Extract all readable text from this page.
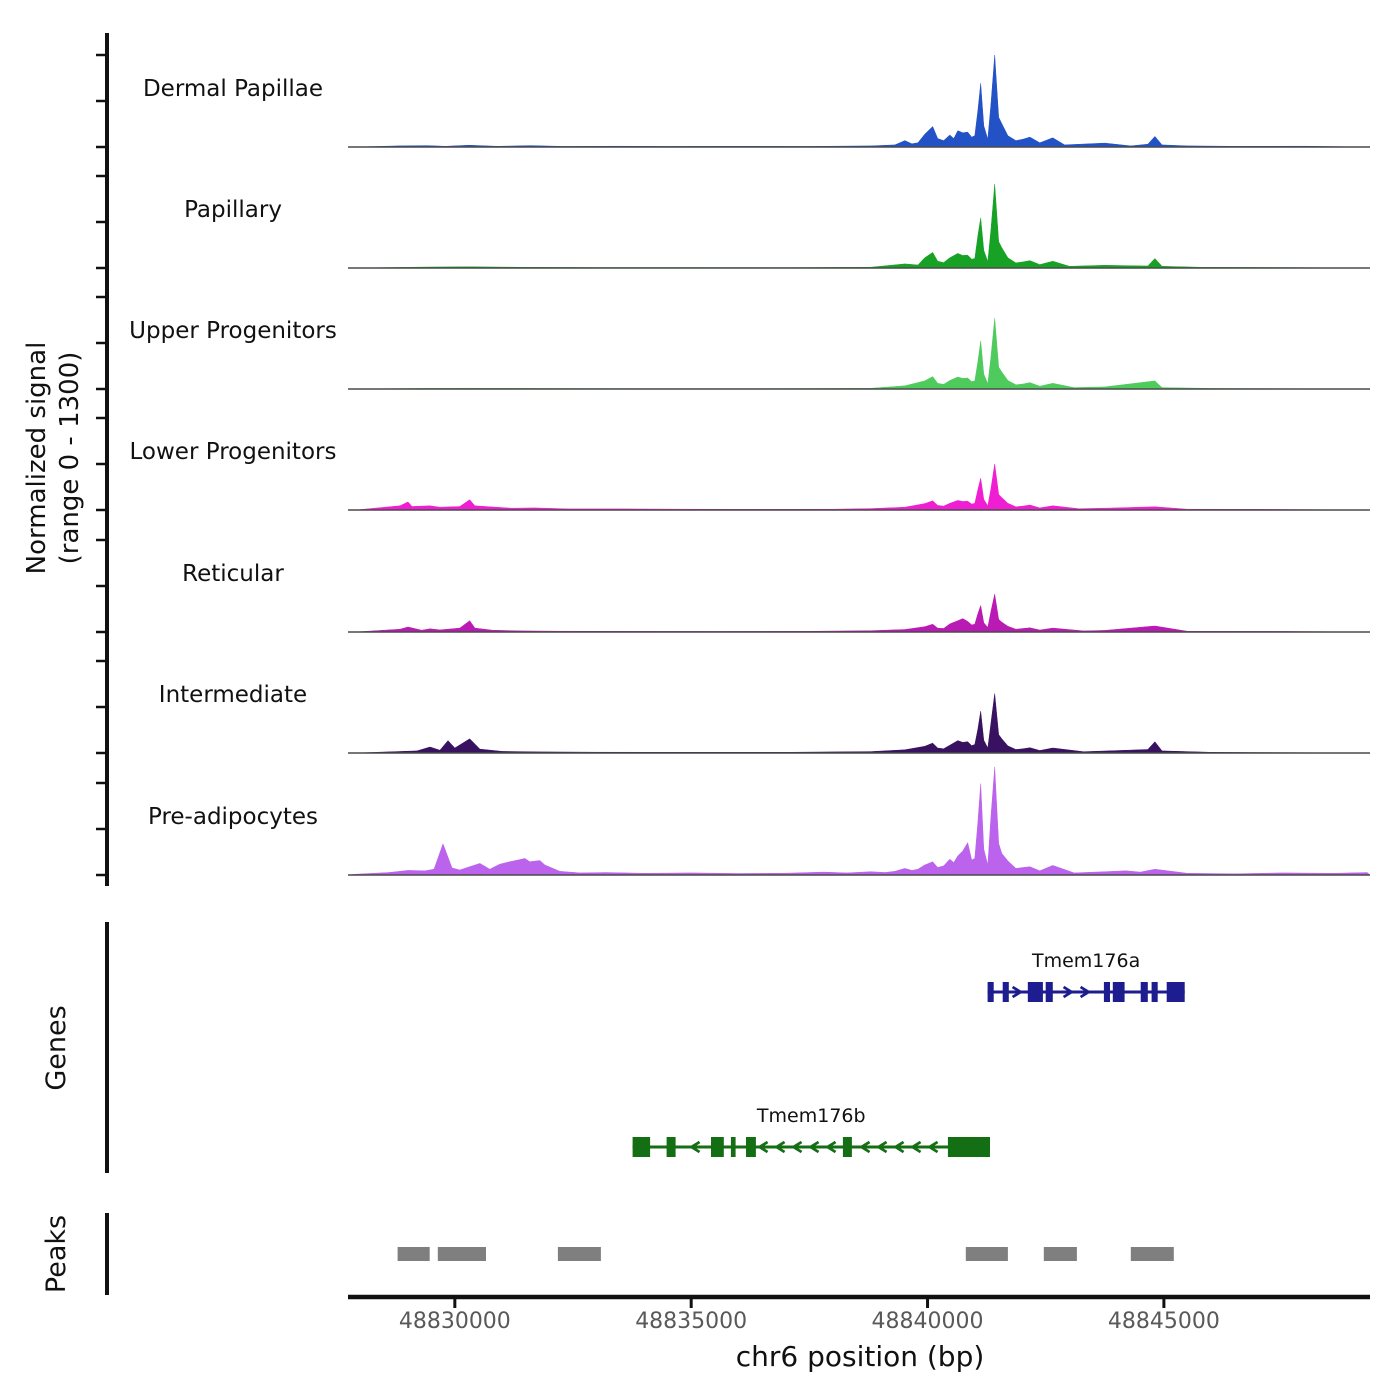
Normalized signal
(range 0 - 1300)
Genes
Peaks
chr6 position (bp)
Dermal Papillae
Papillary
Upper Progenitors
Lower Progenitors
Reticular
Intermediate
Pre-adipocytes
Tmem176a
Tmem176b
48830000	48835000	48840000	48845000
